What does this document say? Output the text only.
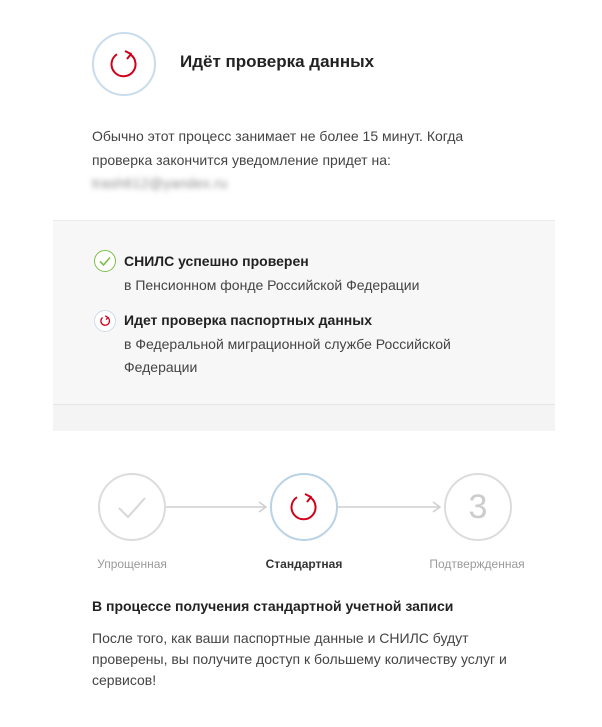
Идёт проверка данных
Обычно этот процесс занимает не более 15 минут. Когда проверка закончится уведомление придет на:
trash612@yandex.ru
СНИЛС успешно проверен
в Пенсионном фонде Российской Федерации
Идет проверка паспортных данных
в Федеральной миграционной службе Российской Федерации
3
Упрощенная	Стандартная	Подтвержденная
В процессе получения стандартной учетной записи
После того, как ваши паспортные данные и СНИЛС будут проверены, вы получите доступ к большему количеству услуг и сервисов!
